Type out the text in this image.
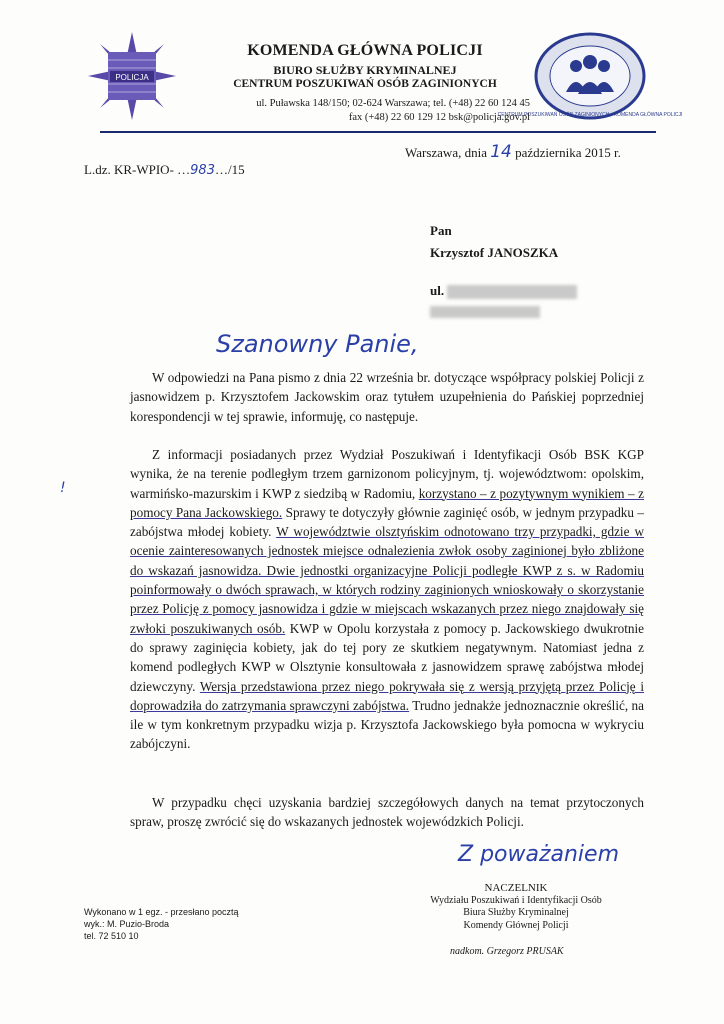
POLICJA
CENTRUM POSZUKIWAŃ OSÓB ZAGINIONYCH · KOMENDA GŁÓWNA POLICJI
KOMENDA GŁÓWNA POLICJI
BIURO SŁUŻBY KRYMINALNEJ
CENTRUM POSZUKIWAŃ OSÓB ZAGINIONYCH
ul. Puławska 148/150; 02-624 Warszawa; tel. (+48) 22 60 124 45
fax (+48) 22 60 129 12 bsk@policja.gov.pl
L.dz. KR-WPIO- …983…/15
Warszawa, dnia 14 października 2015 r.
Pan
Krzysztof JANOSZKA
ul.
Szanowny Panie,
W odpowiedzi na Pana pismo z dnia 22 września br. dotyczące współpracy polskiej Policji z jasnowidzem p. Krzysztofem Jackowskim oraz tytułem uzupełnienia do Pańskiej poprzedniej korespondencji w tej sprawie, informuję, co następuje.
Z informacji posiadanych przez Wydział Poszukiwań i Identyfikacji Osób BSK KGP wynika, że na terenie podległym trzem garnizonom policyjnym, tj. województwom: opolskim, warmińsko-mazurskim i KWP z siedzibą w Radomiu, korzystano – z pozytywnym wynikiem – z pomocy Pana Jackowskiego. Sprawy te dotyczyły głównie zaginięć osób, w jednym przypadku – zabójstwa młodej kobiety. W województwie olsztyńskim odnotowano trzy przypadki, gdzie w ocenie zainteresowanych jednostek miejsce odnalezienia zwłok osoby zaginionej było zbliżone do wskazań jasnowidza. Dwie jednostki organizacyjne Policji podległe KWP z s. w Radomiu poinformowały o dwóch sprawach, w których rodziny zaginionych wnioskowały o skorzystanie przez Policję z pomocy jasnowidza i gdzie w miejscach wskazanych przez niego znajdowały się zwłoki poszukiwanych osób. KWP w Opolu korzystała z pomocy p. Jackowskiego dwukrotnie do sprawy zaginięcia kobiety, jak do tej pory ze skutkiem negatywnym. Natomiast jedna z komend podległych KWP w Olsztynie konsultowała z jasnowidzem sprawę zabójstwa młodej dziewczyny. Wersja przedstawiona przez niego pokrywała się z wersją przyjętą przez Policję i doprowadziła do zatrzymania sprawczyni zabójstwa. Trudno jednakże jednoznacznie określić, na ile w tym konkretnym przypadku wizja p. Krzysztofa Jackowskiego była pomocna w wykryciu zabójczyni.
!
W przypadku chęci uzyskania bardziej szczegółowych danych na temat przytoczonych spraw, proszę zwrócić się do wskazanych jednostek wojewódzkich Policji.
Z poważaniem
NACZELNIK
Wydziału Poszukiwań i Identyfikacji Osób
Biura Służby Kryminalnej
Komendy Głównej Policji
nadkom. Grzegorz PRUSAK
Wykonano w 1 egz. - przesłano pocztą
wyk.: M. Puzio-Broda
tel. 72 510 10
